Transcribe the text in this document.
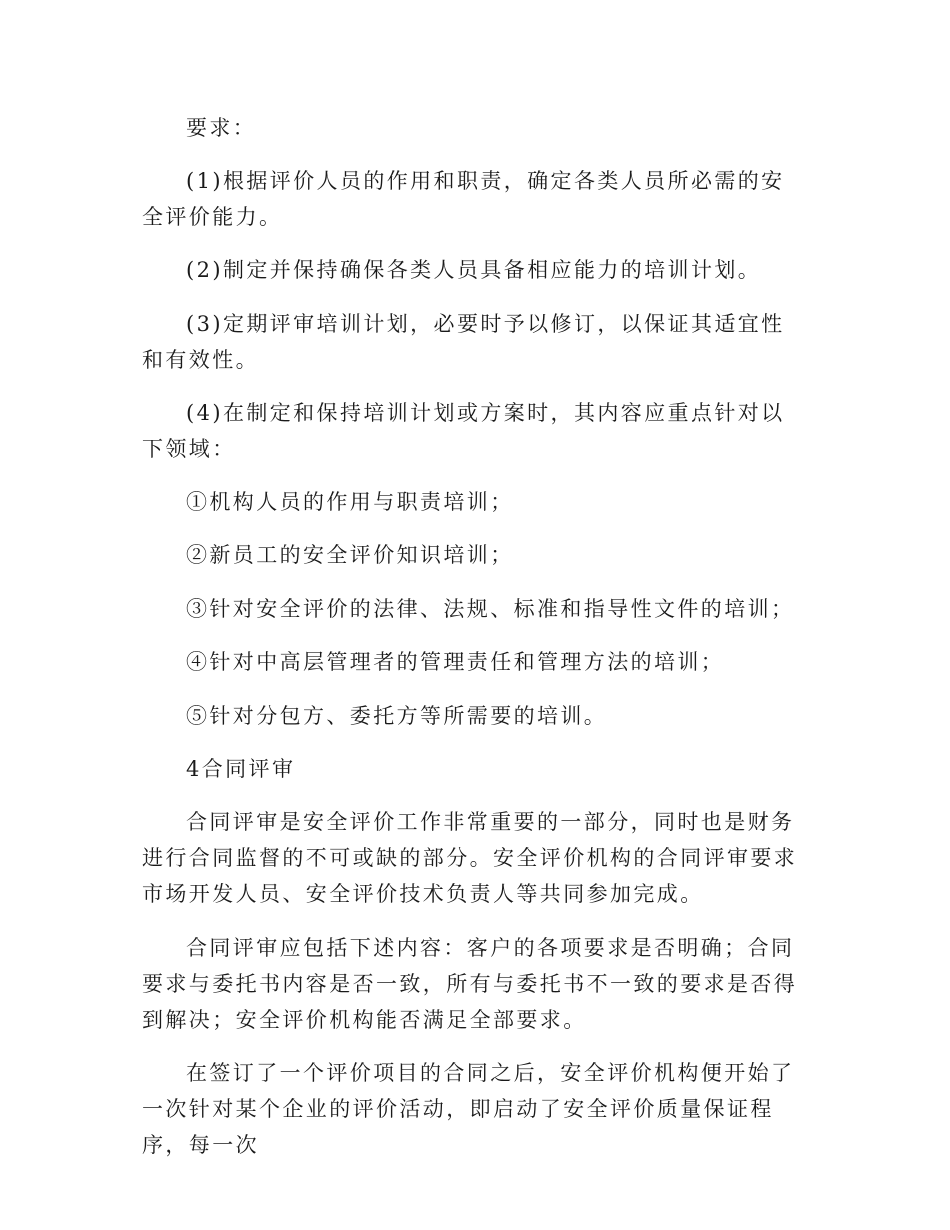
要求：

(1)根据评价人员的作用和职责，确定各类人员所必需的安全评价能力。

(2)制定并保持确保各类人员具备相应能力的培训计划。

(3)定期评审培训计划，必要时予以修订，以保证其适宜性和有效性。

(4)在制定和保持培训计划或方案时，其内容应重点针对以下领域：

①机构人员的作用与职责培训；

②新员工的安全评价知识培训；

③针对安全评价的法律、法规、标准和指导性文件的培训；

④针对中高层管理者的管理责任和管理方法的培训；

⑤针对分包方、委托方等所需要的培训。

4合同评审

合同评审是安全评价工作非常重要的一部分，同时也是财务进行合同监督的不可或缺的部分。安全评价机构的合同评审要求市场开发人员、安全评价技术负责人等共同参加完成。

合同评审应包括下述内容：客户的各项要求是否明确；合同要求与委托书内容是否一致，所有与委托书不一致的要求是否得到解决；安全评价机构能否满足全部要求。

在签订了一个评价项目的合同之后，安全评价机构便开始了一次针对某个企业的评价活动，即启动了安全评价质量保证程序，每一次
